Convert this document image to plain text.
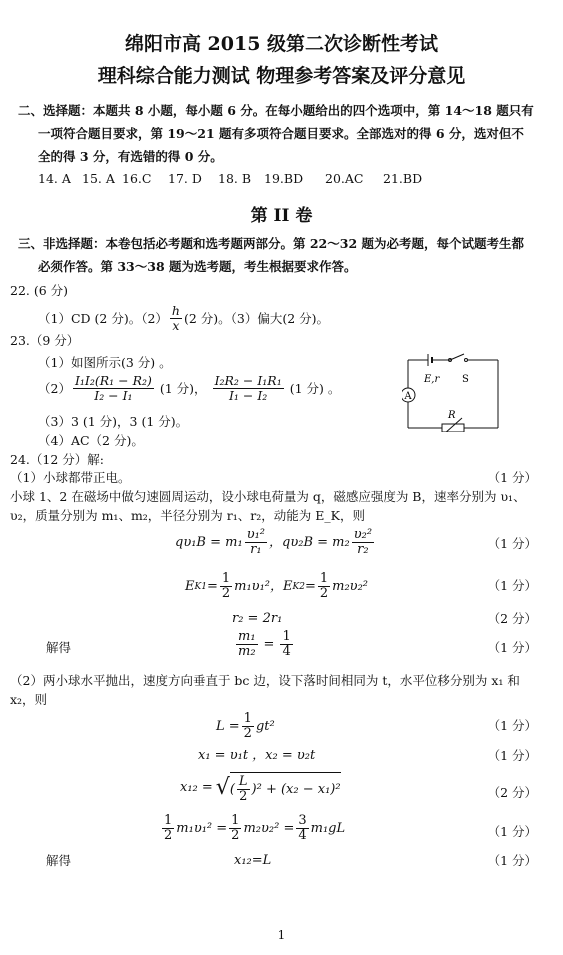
绵阳市高 2015 级第二次诊断性考试
理科综合能力测试 物理参考答案及评分意见
二、选择题：本题共 8 小题，每小题 6 分。在每小题给出的四个选项中，第 14～18 题只有
一项符合题目要求，第 19～21 题有多项符合题目要求。全部选对的得 6 分，选对但不
全的得 3 分，有选错的得 0 分。
14. A 15. A 16.C 17. D 18. B 19.BD 20.AC 21.BD
第 II 卷
三、非选择题：本卷包括必考题和选考题两部分。第 22～32 题为必考题，每个试题考生都
必须作答。第 33～38 题为选考题，考生根据要求作答。
22. (6 分)
（1）CD (2 分)。$(2) \frac{h}{x} (2$ 分)。（3）偏大(2 分)。
23.（9 分）
（1）如图所示(3 分) 。
$(2) \frac{\text{I₁I₂(R₁ − R₂)}}{\text{I₂ − I₁}} (1$ 分)， $\frac{\text{I₂R₂ − I₁R₁}}{\text{I₁ − I₂}} (1$ 分) 。
（3）3 (1 分)，3 (1 分)。
（4）AC（2 分)。
A
E,r S
R
24.（12 分）解:
（1）小球都带正电。	（1 分）
小球 1、2 在磁场中做匀速圆周运动，设小球电荷量为 q，磁感应强度为 B，速率分别为 υ₁、
υ₂，质量分别为 m₁、m₂，半径分别为 r₁、r₂，动能为 E_K，则
$q\upsilon_1B = m_1 \frac{\text{υ₁²}}{\text{r₁}}$ ，$q\upsilon_2B = m_2 \frac{\text{υ₂²}}{\text{r₂}}$	（1 分）
E $K1 = \frac{1}{2} m_1\upsilon_1^2$，E $K2 = \frac{1}{2} m_2\upsilon_2^2$	（1 分）
r₂ = 2r₁	（2 分）
解得	$\frac{\text{m₁}}{\text{m₂}} = \frac{1}{4}$	（1 分）
（2）两小球水平抛出，速度方向垂直于 bc 边，设下落时间相同为 t，水平位移分别为 x₁ 和
x₂，则
$L = \frac{1}{2} gt^2$	（1 分）
x₁ = υ₁t ，x₂ = υ₂t	（1 分）
x₁₂ = √ ( $\frac{L}{2} )^2 + (x_2 - x_1)^2$	（2 分）
$\frac{1}{2} m_1\upsilon_1^2 = \frac{1}{2} m_2\upsilon_2^2 = \frac{3}{4} m_1gL$	（1 分）
解得	x₁₂=L	（1 分）
1
